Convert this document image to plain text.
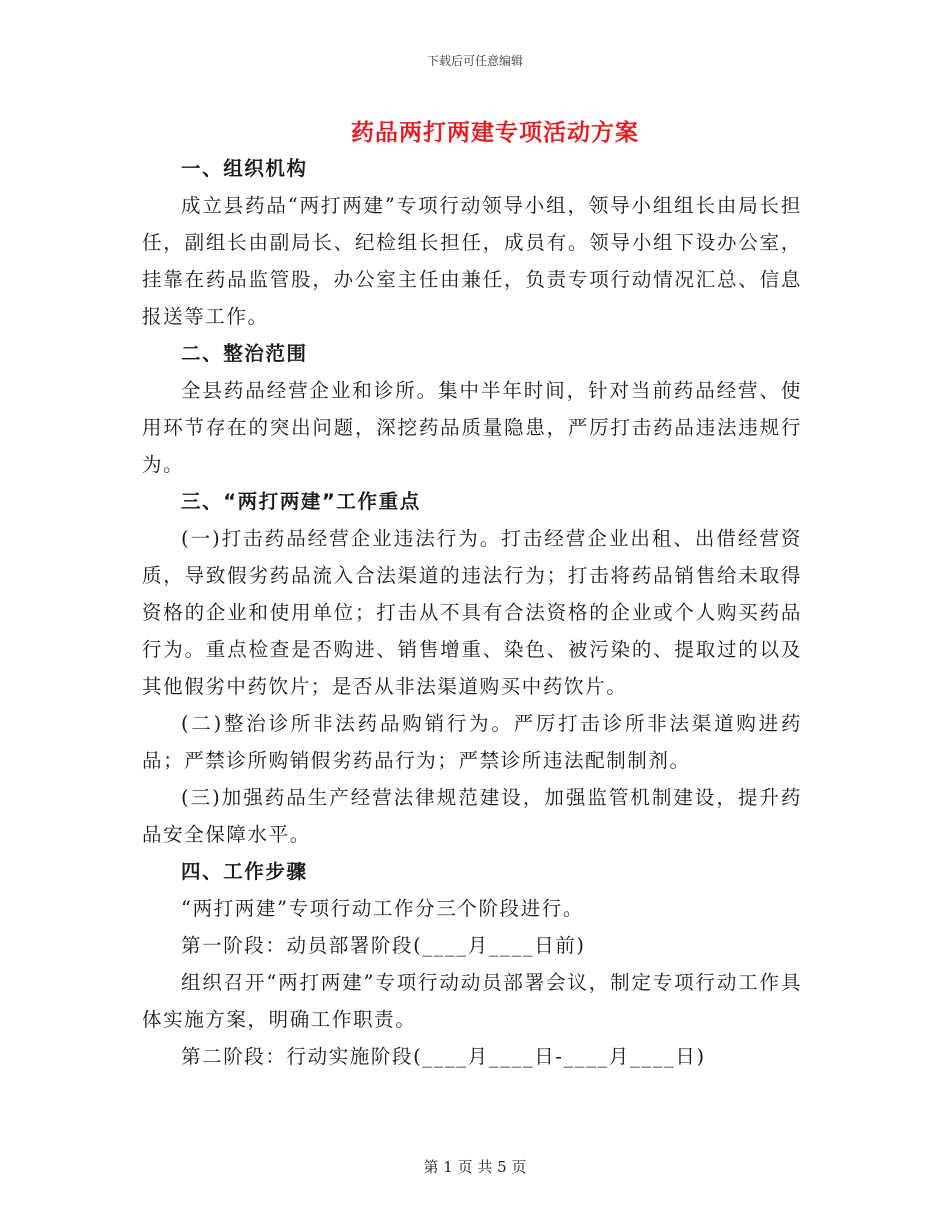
下载后可任意编辑
药品两打两建专项活动方案

一、组织机构

成立县药品“两打两建”专项行动领导小组，领导小组组长由局长担任，副组长由副局长、纪检组长担任，成员有。领导小组下设办公室，挂靠在药品监管股，办公室主任由兼任，负责专项行动情况汇总、信息报送等工作。

二、整治范围

全县药品经营企业和诊所。集中半年时间，针对当前药品经营、使用环节存在的突出问题，深挖药品质量隐患，严厉打击药品违法违规行为。

三、“两打两建”工作重点

(一)打击药品经营企业违法行为。打击经营企业出租、出借经营资质，导致假劣药品流入合法渠道的违法行为；打击将药品销售给未取得资格的企业和使用单位；打击从不具有合法资格的企业或个人购买药品行为。重点检查是否购进、销售增重、染色、被污染的、提取过的以及其他假劣中药饮片；是否从非法渠道购买中药饮片。

(二)整治诊所非法药品购销行为。严厉打击诊所非法渠道购进药品；严禁诊所购销假劣药品行为；严禁诊所违法配制制剂。

(三)加强药品生产经营法律规范建设，加强监管机制建设，提升药品安全保障水平。

四、工作步骤

“两打两建”专项行动工作分三个阶段进行。

第一阶段：动员部署阶段(____月____日前)

组织召开“两打两建”专项行动动员部署会议，制定专项行动工作具体实施方案，明确工作职责。

第二阶段：行动实施阶段(____月____日-____月____日)

第 1 页 共 5 页
